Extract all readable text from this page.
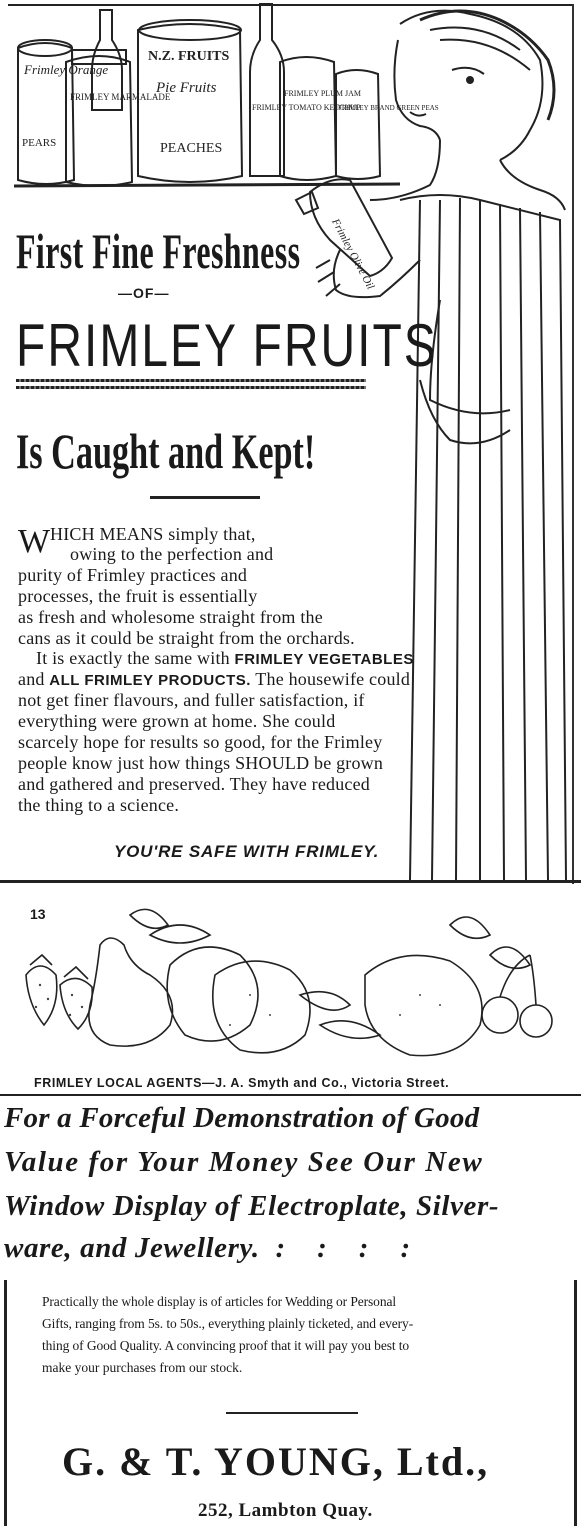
Frimley Orange
PEARS
FRIMLEY MARMALADE
N.Z. FRUITS
Pie Fruits
PEACHES
FRIMLEY TOMATO KETCHUP
FRIMLEY PLUM JAM
FRIMLEY BRAND GREEN PEAS
Frimley Olive Oil
First Fine Freshness
—OF—
FRIMLEY FRUITS
Is Caught and Kept!
W HICH MEANS simply that,
owing to the perfection and
purity of Frimley practices and
processes, the fruit is essentially
as fresh and wholesome straight from the
cans as it could be straight from the orchards.
It is exactly the same with FRIMLEY VEGETABLES
and ALL FRIMLEY PRODUCTS. The housewife could
not get finer flavours, and fuller satisfaction, if
everything were grown at home. She could
scarcely hope for results so good, for the Frimley
people know just how things SHOULD be grown
and gathered and preserved. They have reduced
the thing to a science.
YOU'RE SAFE WITH FRIMLEY.
13
FRIMLEY LOCAL AGENTS—J. A. Smyth and Co., Victoria Street.
For a Forceful Demonstration of Good
Value for Your Money See Our New
Window Display of Electroplate, Silver-
ware, and Jewellery.  :    :    :    :
Practically the whole display is of articles for Wedding or Personal
Gifts, ranging from 5s. to 50s., everything plainly ticketed, and every-
thing of Good Quality. A convincing proof that it will pay you best to
make your purchases from our stock.
G. & T. YOUNG, Ltd.,
252, Lambton Quay.
